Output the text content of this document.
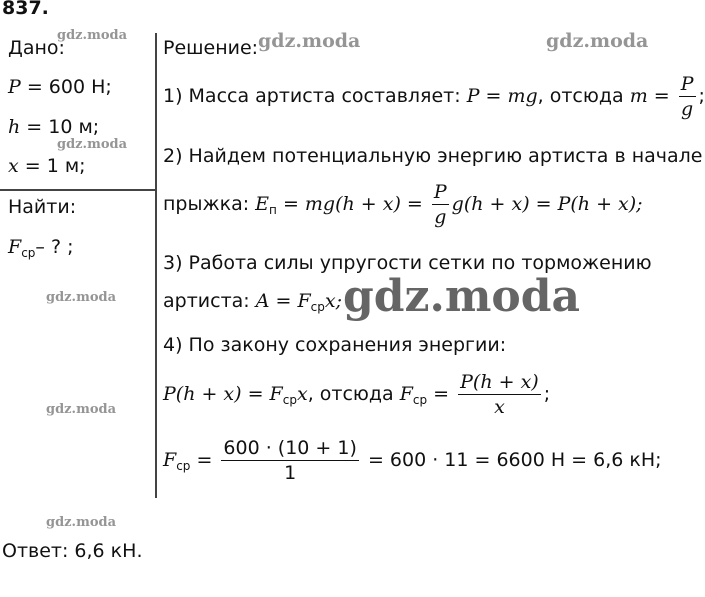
837.
Дано:
P = 600 Н;
h = 10 м;
x = 1 м;
Найти:
$F_{ср}-$ ? ;
Решение:
1) Масса артиста составляет: P = mg, отсюда $m = \frac{P}{g}$ ;
2) Найдем потенциальную энергию артиста в начале
прыжка: $E_п = mg(h + x) = \frac{P}{g} g(h + x) = P(h + x)$;
3) Работа силы упругости сетки по торможению
артиста: $A = F_{ср}x$;
4) По закону сохранения энергии:
$P(h + x) = F_{ср}x$, отсюда $F_{ср} = \frac{P(h + x)}{x}$ ;
$F_{ср} = \frac{600 \cdot (10 + 1)}{1} = 600 \cdot 11 = 6600$ Н = 6,6 кН;
Ответ: 6,6 кН.
gdz.moda	gdz.moda	gdz.moda
gdz.moda
gdz.moda	gdz.moda
gdz.moda
gdz.moda
